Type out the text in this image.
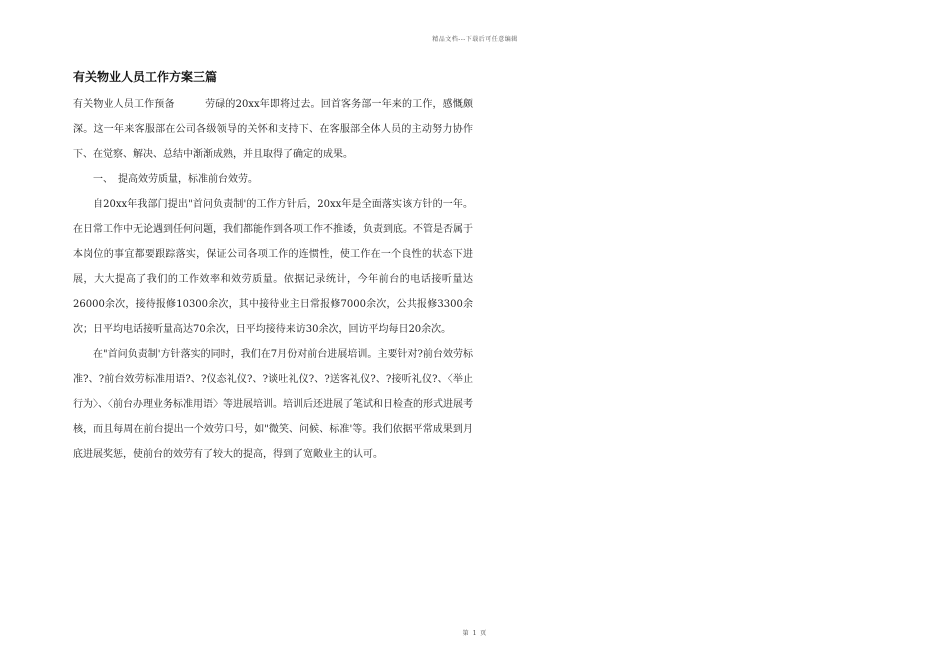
精品文档---下载后可任意编辑
有关物业人员工作方案三篇

有关物业人员工作预备　　　劳碌的20xx年即将过去。回首客务部一年来的工作，感慨颇深。这一年来客服部在公司各级领导的关怀和支持下、在客服部全体人员的主动努力协作下、在觉察、解决、总结中渐渐成熟，并且取得了确定的成果。

一、　提高效劳质量，标准前台效劳。

自20xx年我部门提出"首问负责制'的工作方针后，20xx年是全面落实该方针的一年。在日常工作中无论遇到任何问题，我们都能作到各项工作不推诿，负责到底。不管是否属于本岗位的事宜都要跟踪落实，保证公司各项工作的连惯性，使工作在一个良性的状态下进展，大大提高了我们的工作效率和效劳质量。依据记录统计，今年前台的电话接听量达26000余次，接待报修10300余次，其中接待业主日常报修7000余次，公共报修3300余次；日平均电话接听量高达70余次，日平均接待来访30余次，回访平均每日20余次。

在"首问负责制'方针落实的同时，我们在7月份对前台进展培训。主要针对?前台效劳标准?、?前台效劳标准用语?、?仪态礼仪?、?谈吐礼仪?、?送客礼仪?、?接听礼仪?、〈举止行为〉、〈前台办理业务标准用语〉等进展培训。培训后还进展了笔试和日检查的形式进展考核，而且每周在前台提出一个效劳口号，如"微笑、问候、标准'等。我们依据平常成果到月底进展奖惩，使前台的效劳有了较大的提高，得到了宽敞业主的认可。

第 1 页
